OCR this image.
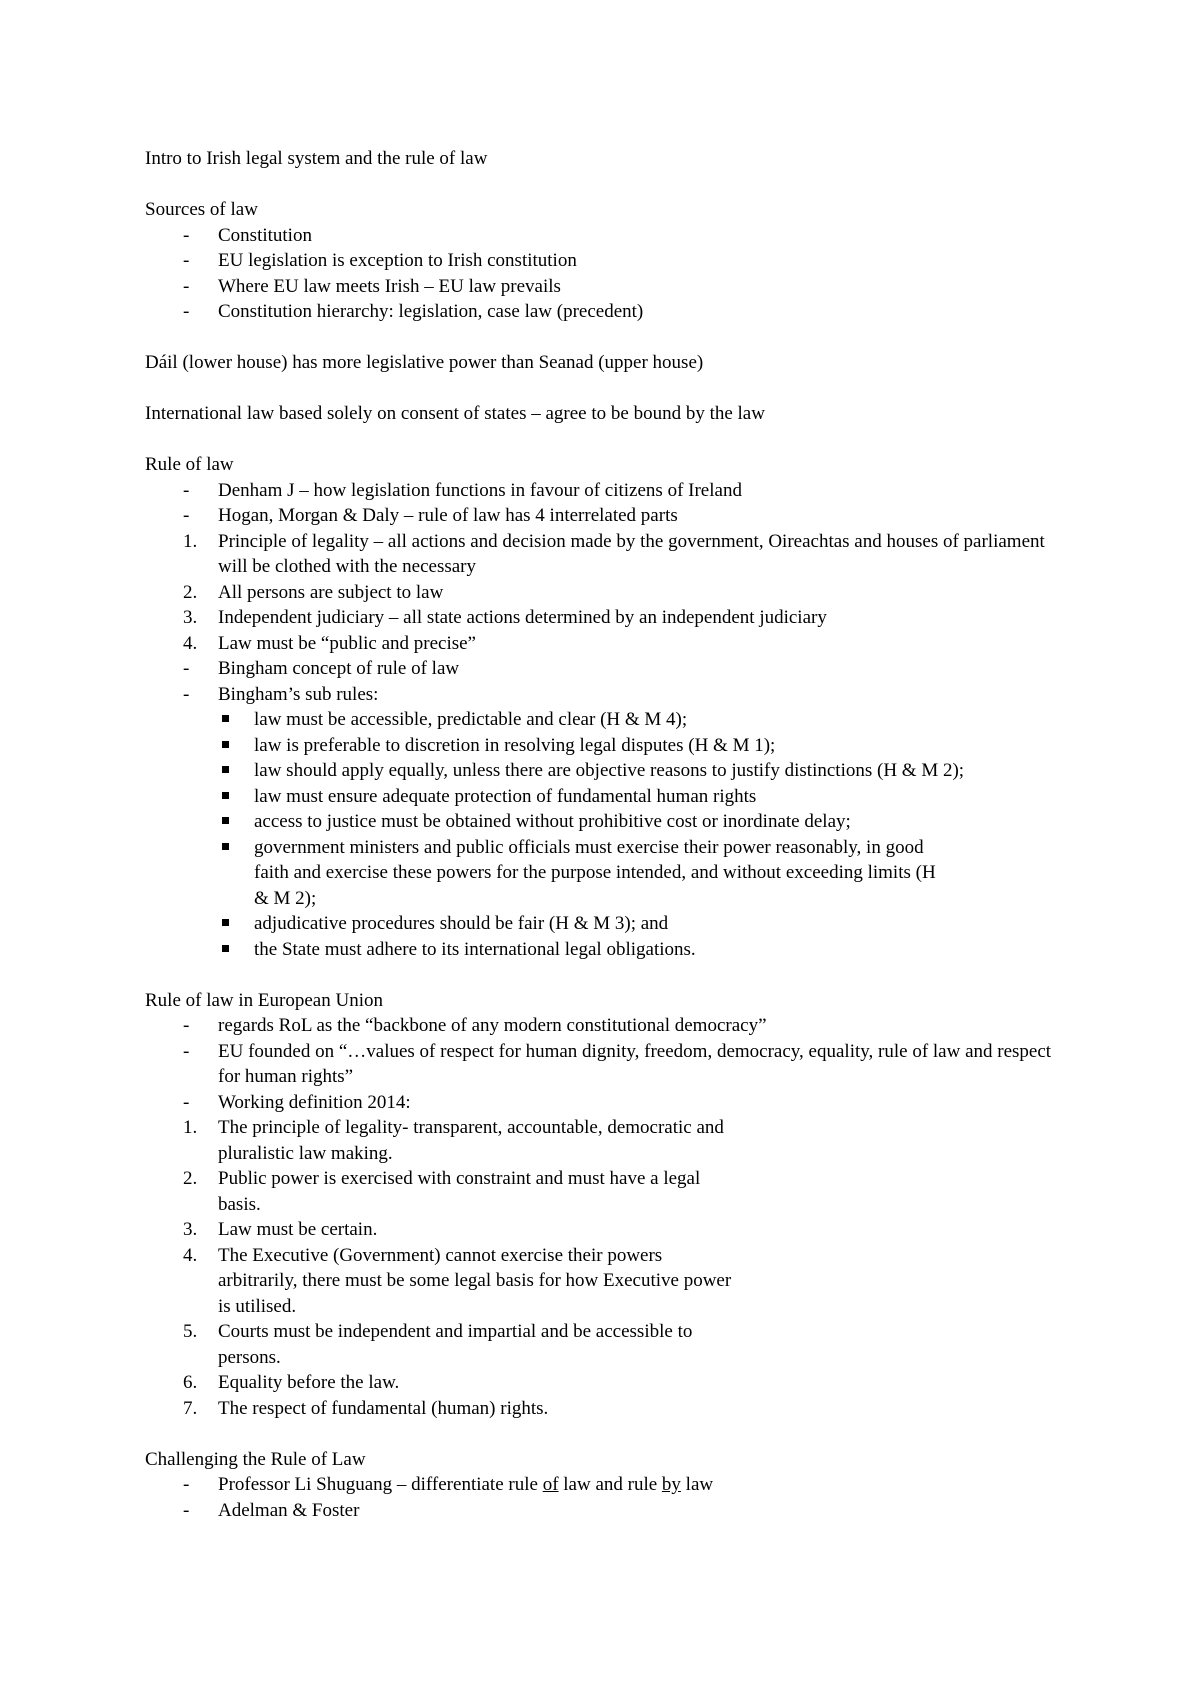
Intro to Irish legal system and the rule of law

Sources of law

- Constitution
- EU legislation is exception to Irish constitution
- Where EU law meets Irish – EU law prevails
- Constitution hierarchy: legislation, case law (precedent)

Dáil (lower house) has more legislative power than Seanad (upper house)

International law based solely on consent of states – agree to be bound by the law

Rule of law

- Denham J – how legislation functions in favour of citizens of Ireland
- Hogan, Morgan & Daly – rule of law has 4 interrelated parts
1. Principle of legality – all actions and decision made by the government, Oireachtas and houses of parliament will be clothed with the necessary
2. All persons are subject to law
3. Independent judiciary – all state actions determined by an independent judiciary
4. Law must be “public and precise”
- Bingham concept of rule of law
- Bingham’s sub rules:
law must be accessible, predictable and clear (H & M 4);
law is preferable to discretion in resolving legal disputes (H & M 1);
law should apply equally, unless there are objective reasons to justify distinctions (H & M 2);
law must ensure adequate protection of fundamental human rights
access to justice must be obtained without prohibitive cost or inordinate delay;
government ministers and public officials must exercise their power reasonably, in good faith and exercise these powers for the purpose intended, and without exceeding limits (H & M 2);
adjudicative procedures should be fair (H & M 3); and
the State must adhere to its international legal obligations.

Rule of law in European Union

- regards RoL as the “backbone of any modern constitutional democracy”
- EU founded on “…values of respect for human dignity, freedom, democracy, equality, rule of law and respect for human rights”
- Working definition 2014:
1. The principle of legality- transparent, accountable, democratic and
pluralistic law making.
2. Public power is exercised with constraint and must have a legal
basis.
3. Law must be certain.
4. The Executive (Government) cannot exercise their powers
arbitrarily, there must be some legal basis for how Executive power
is utilised.
5. Courts must be independent and impartial and be accessible to
persons.
6. Equality before the law.
7. The respect of fundamental (human) rights.

Challenging the Rule of Law

- Professor Li Shuguang – differentiate rule of law and rule by law
- Adelman & Foster
